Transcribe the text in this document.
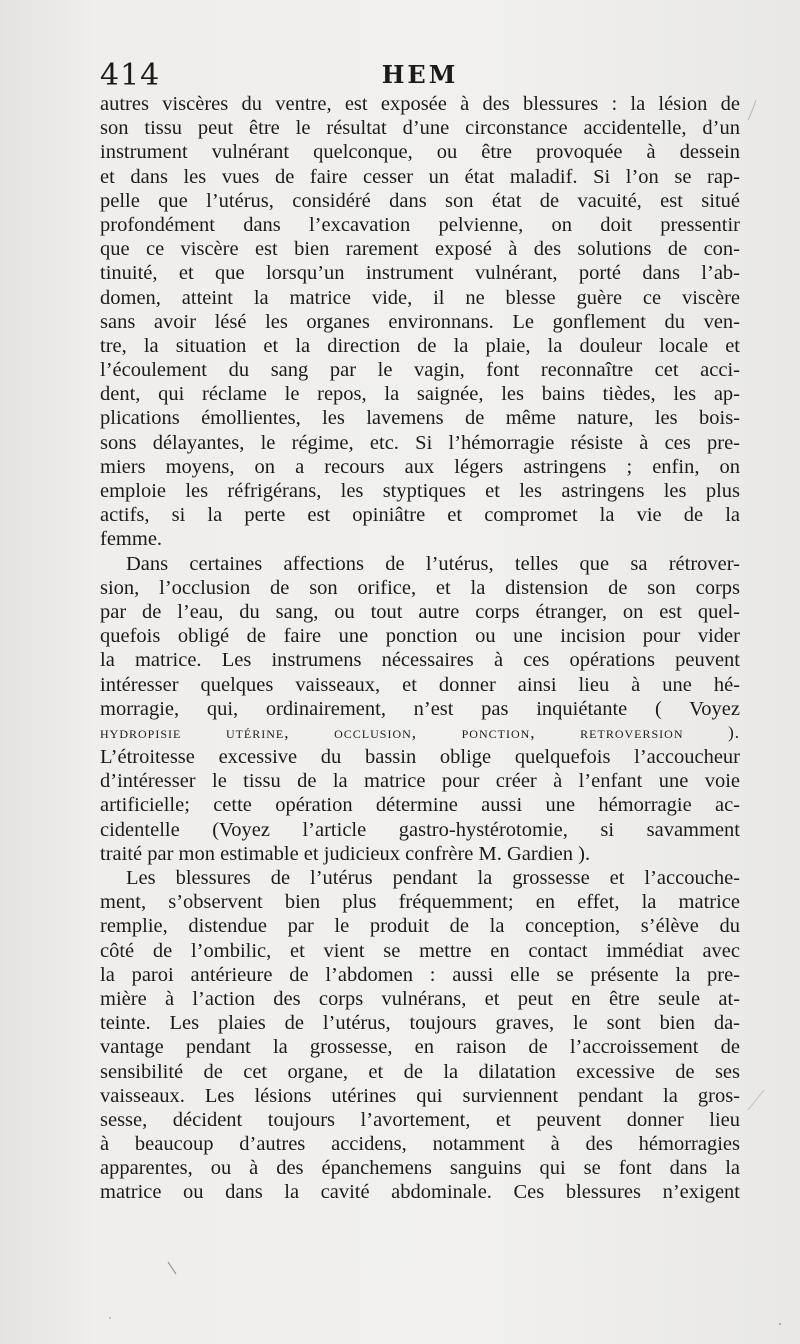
414	HEM
autres viscères du ventre, est exposée à des blessures : la lésion de
son tissu peut être le résultat d’une circonstance accidentelle, d’un
instrument vulnérant quelconque, ou être provoquée à dessein
et dans les vues de faire cesser un état maladif. Si l’on se rap-
pelle que l’utérus, considéré dans son état de vacuité, est situé
profondément dans l’excavation pelvienne, on doit pressentir
que ce viscère est bien rarement exposé à des solutions de con-
tinuité, et que lorsqu’un instrument vulnérant, porté dans l’ab-
domen, atteint la matrice vide, il ne blesse guère ce viscère
sans avoir lésé les organes environnans. Le gonflement du ven-
tre, la situation et la direction de la plaie, la douleur locale et
l’écoulement du sang par le vagin, font reconnaître cet acci-
dent, qui réclame le repos, la saignée, les bains tièdes, les ap-
plications émollientes, les lavemens de même nature, les bois-
sons délayantes, le régime, etc. Si l’hémorragie résiste à ces pre-
miers moyens, on a recours aux légers astringens ; enfin, on
emploie les réfrigérans, les styptiques et les astringens les plus
actifs, si la perte est opiniâtre et compromet la vie de la
femme.
Dans certaines affections de l’utérus, telles que sa rétrover-
sion, l’occlusion de son orifice, et la distension de son corps
par de l’eau, du sang, ou tout autre corps étranger, on est quel-
quefois obligé de faire une ponction ou une incision pour vider
la matrice. Les instrumens nécessaires à ces opérations peuvent
intéresser quelques vaisseaux, et donner ainsi lieu à une hé-
morragie, qui, ordinairement, n’est pas inquiétante ( Voyez
hydropisie utérine, occlusion, ponction, retroversion ).
L’étroitesse excessive du bassin oblige quelquefois l’accoucheur
d’intéresser le tissu de la matrice pour créer à l’enfant une voie
artificielle; cette opération détermine aussi une hémorragie ac-
cidentelle (Voyez l’article gastro-hystérotomie, si savamment
traité par mon estimable et judicieux confrère M. Gardien ).
Les blessures de l’utérus pendant la grossesse et l’accouche-
ment, s’observent bien plus fréquemment; en effet, la matrice
remplie, distendue par le produit de la conception, s’élève du
côté de l’ombilic, et vient se mettre en contact immédiat avec
la paroi antérieure de l’abdomen : aussi elle se présente la pre-
mière à l’action des corps vulnérans, et peut en être seule at-
teinte. Les plaies de l’utérus, toujours graves, le sont bien da-
vantage pendant la grossesse, en raison de l’accroissement de
sensibilité de cet organe, et de la dilatation excessive de ses
vaisseaux. Les lésions utérines qui surviennent pendant la gros-
sesse, décident toujours l’avortement, et peuvent donner lieu
à beaucoup d’autres accidens, notamment à des hémorragies
apparentes, ou à des épanchemens sanguins qui se font dans la
matrice ou dans la cavité abdominale. Ces blessures n’exigent
